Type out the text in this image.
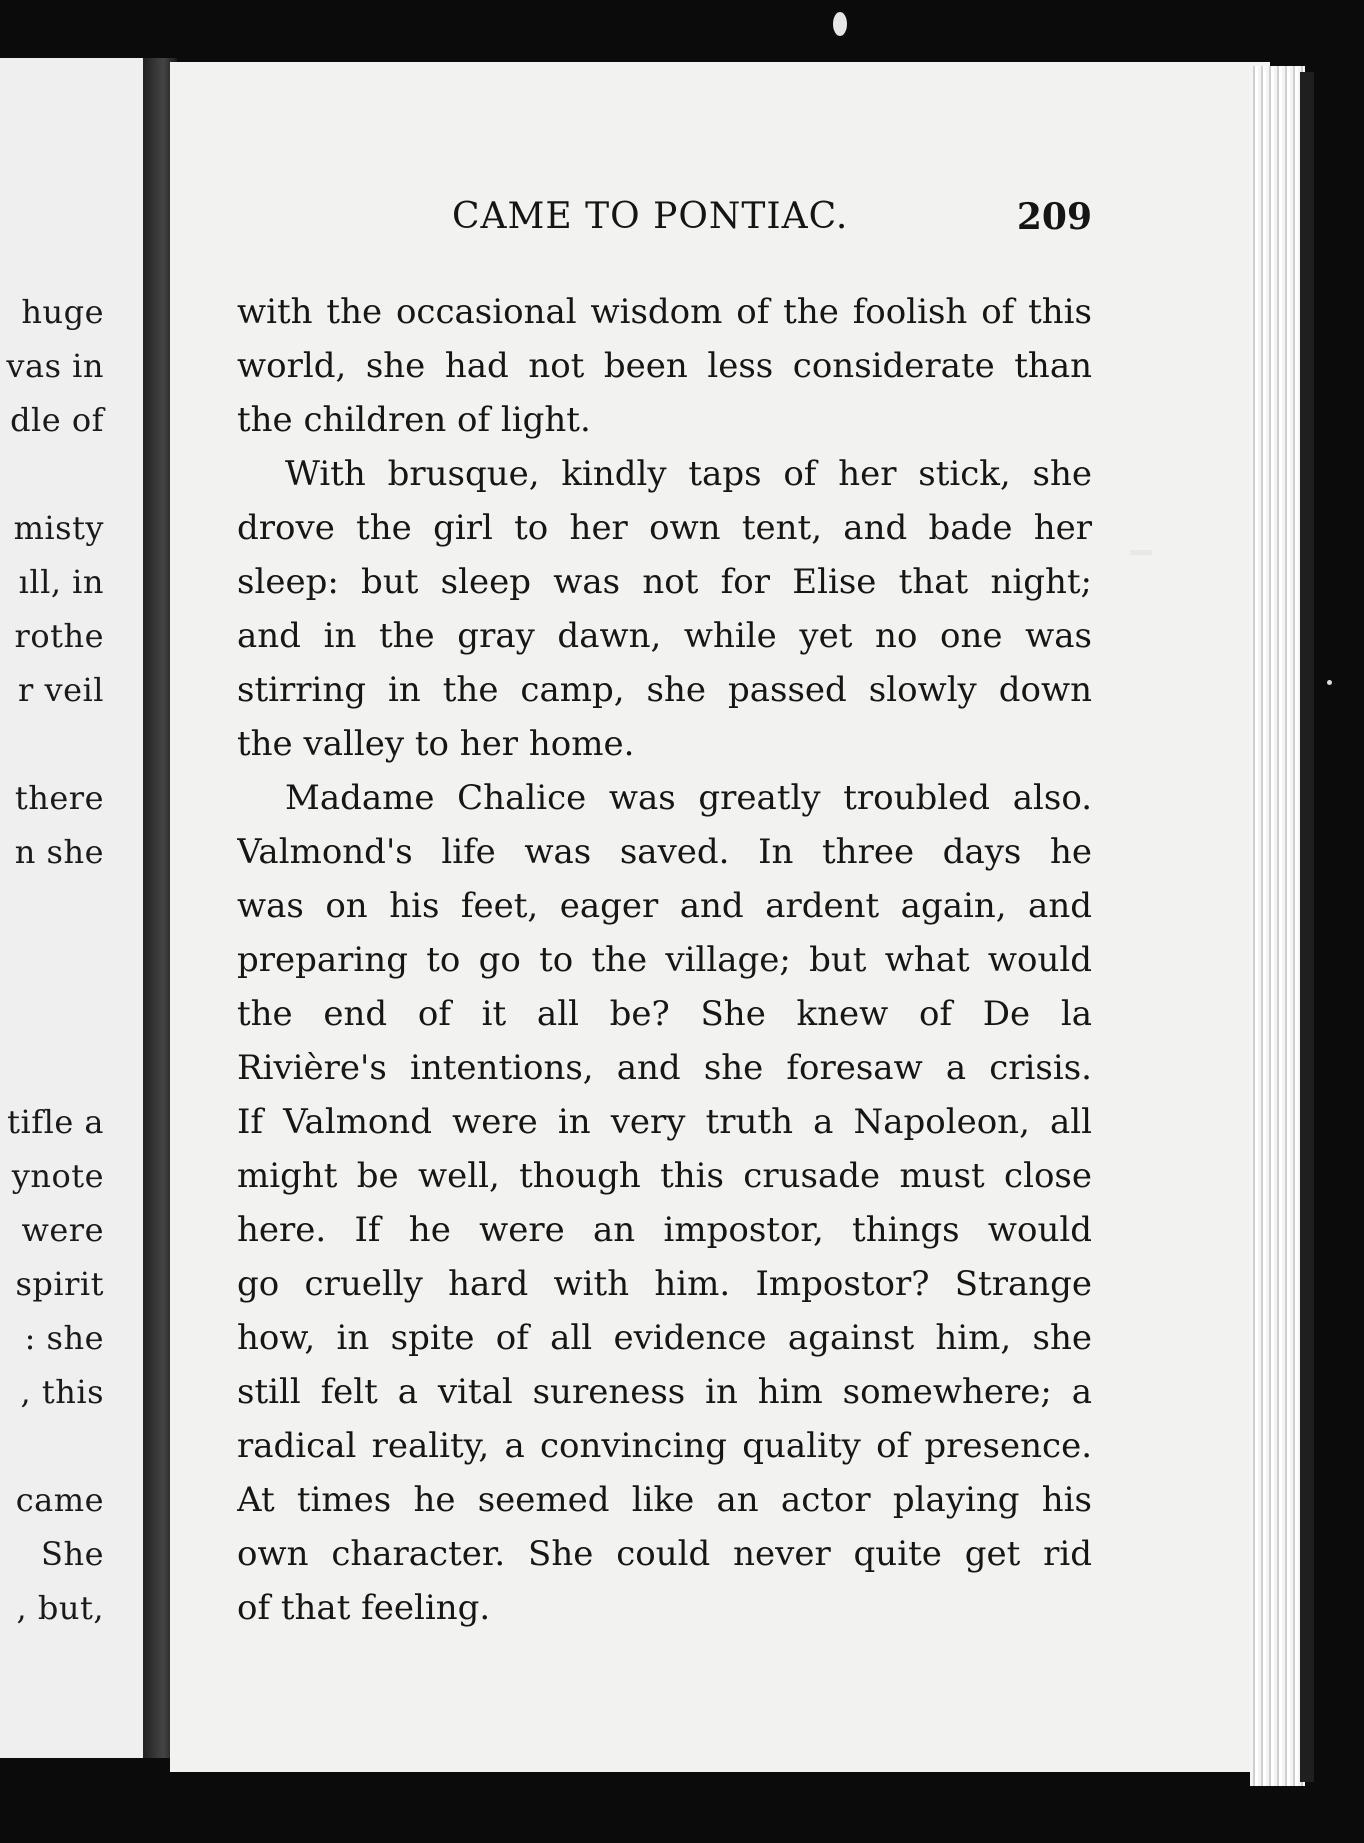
huge
vas in
dle of
misty
ıll, in
rothe
r veil
there
n she
tifle a
ynote
were
spirit
: she
, this
came
She
, but,
CAME TO PONTIAC.	209
with the occasional wisdom of the foolish of this
world, she had not been less considerate than
the children of light.
With brusque, kindly taps of her stick, she
drove the girl to her own tent, and bade her
sleep: but sleep was not for Elise that night;
and in the gray dawn, while yet no one was
stirring in the camp, she passed slowly down
the valley to her home.
Madame Chalice was greatly troubled also.
Valmond's life was saved. In three days he
was on his feet, eager and ardent again, and
preparing to go to the village; but what would
the end of it all be? She knew of De la
Rivière's intentions, and she foresaw a crisis.
If Valmond were in very truth a Napoleon, all
might be well, though this crusade must close
here. If he were an impostor, things would
go cruelly hard with him. Impostor? Strange
how, in spite of all evidence against him, she
still felt a vital sureness in him somewhere; a
radical reality, a convincing quality of presence.
At times he seemed like an actor playing his
own character. She could never quite get rid
of that feeling.
